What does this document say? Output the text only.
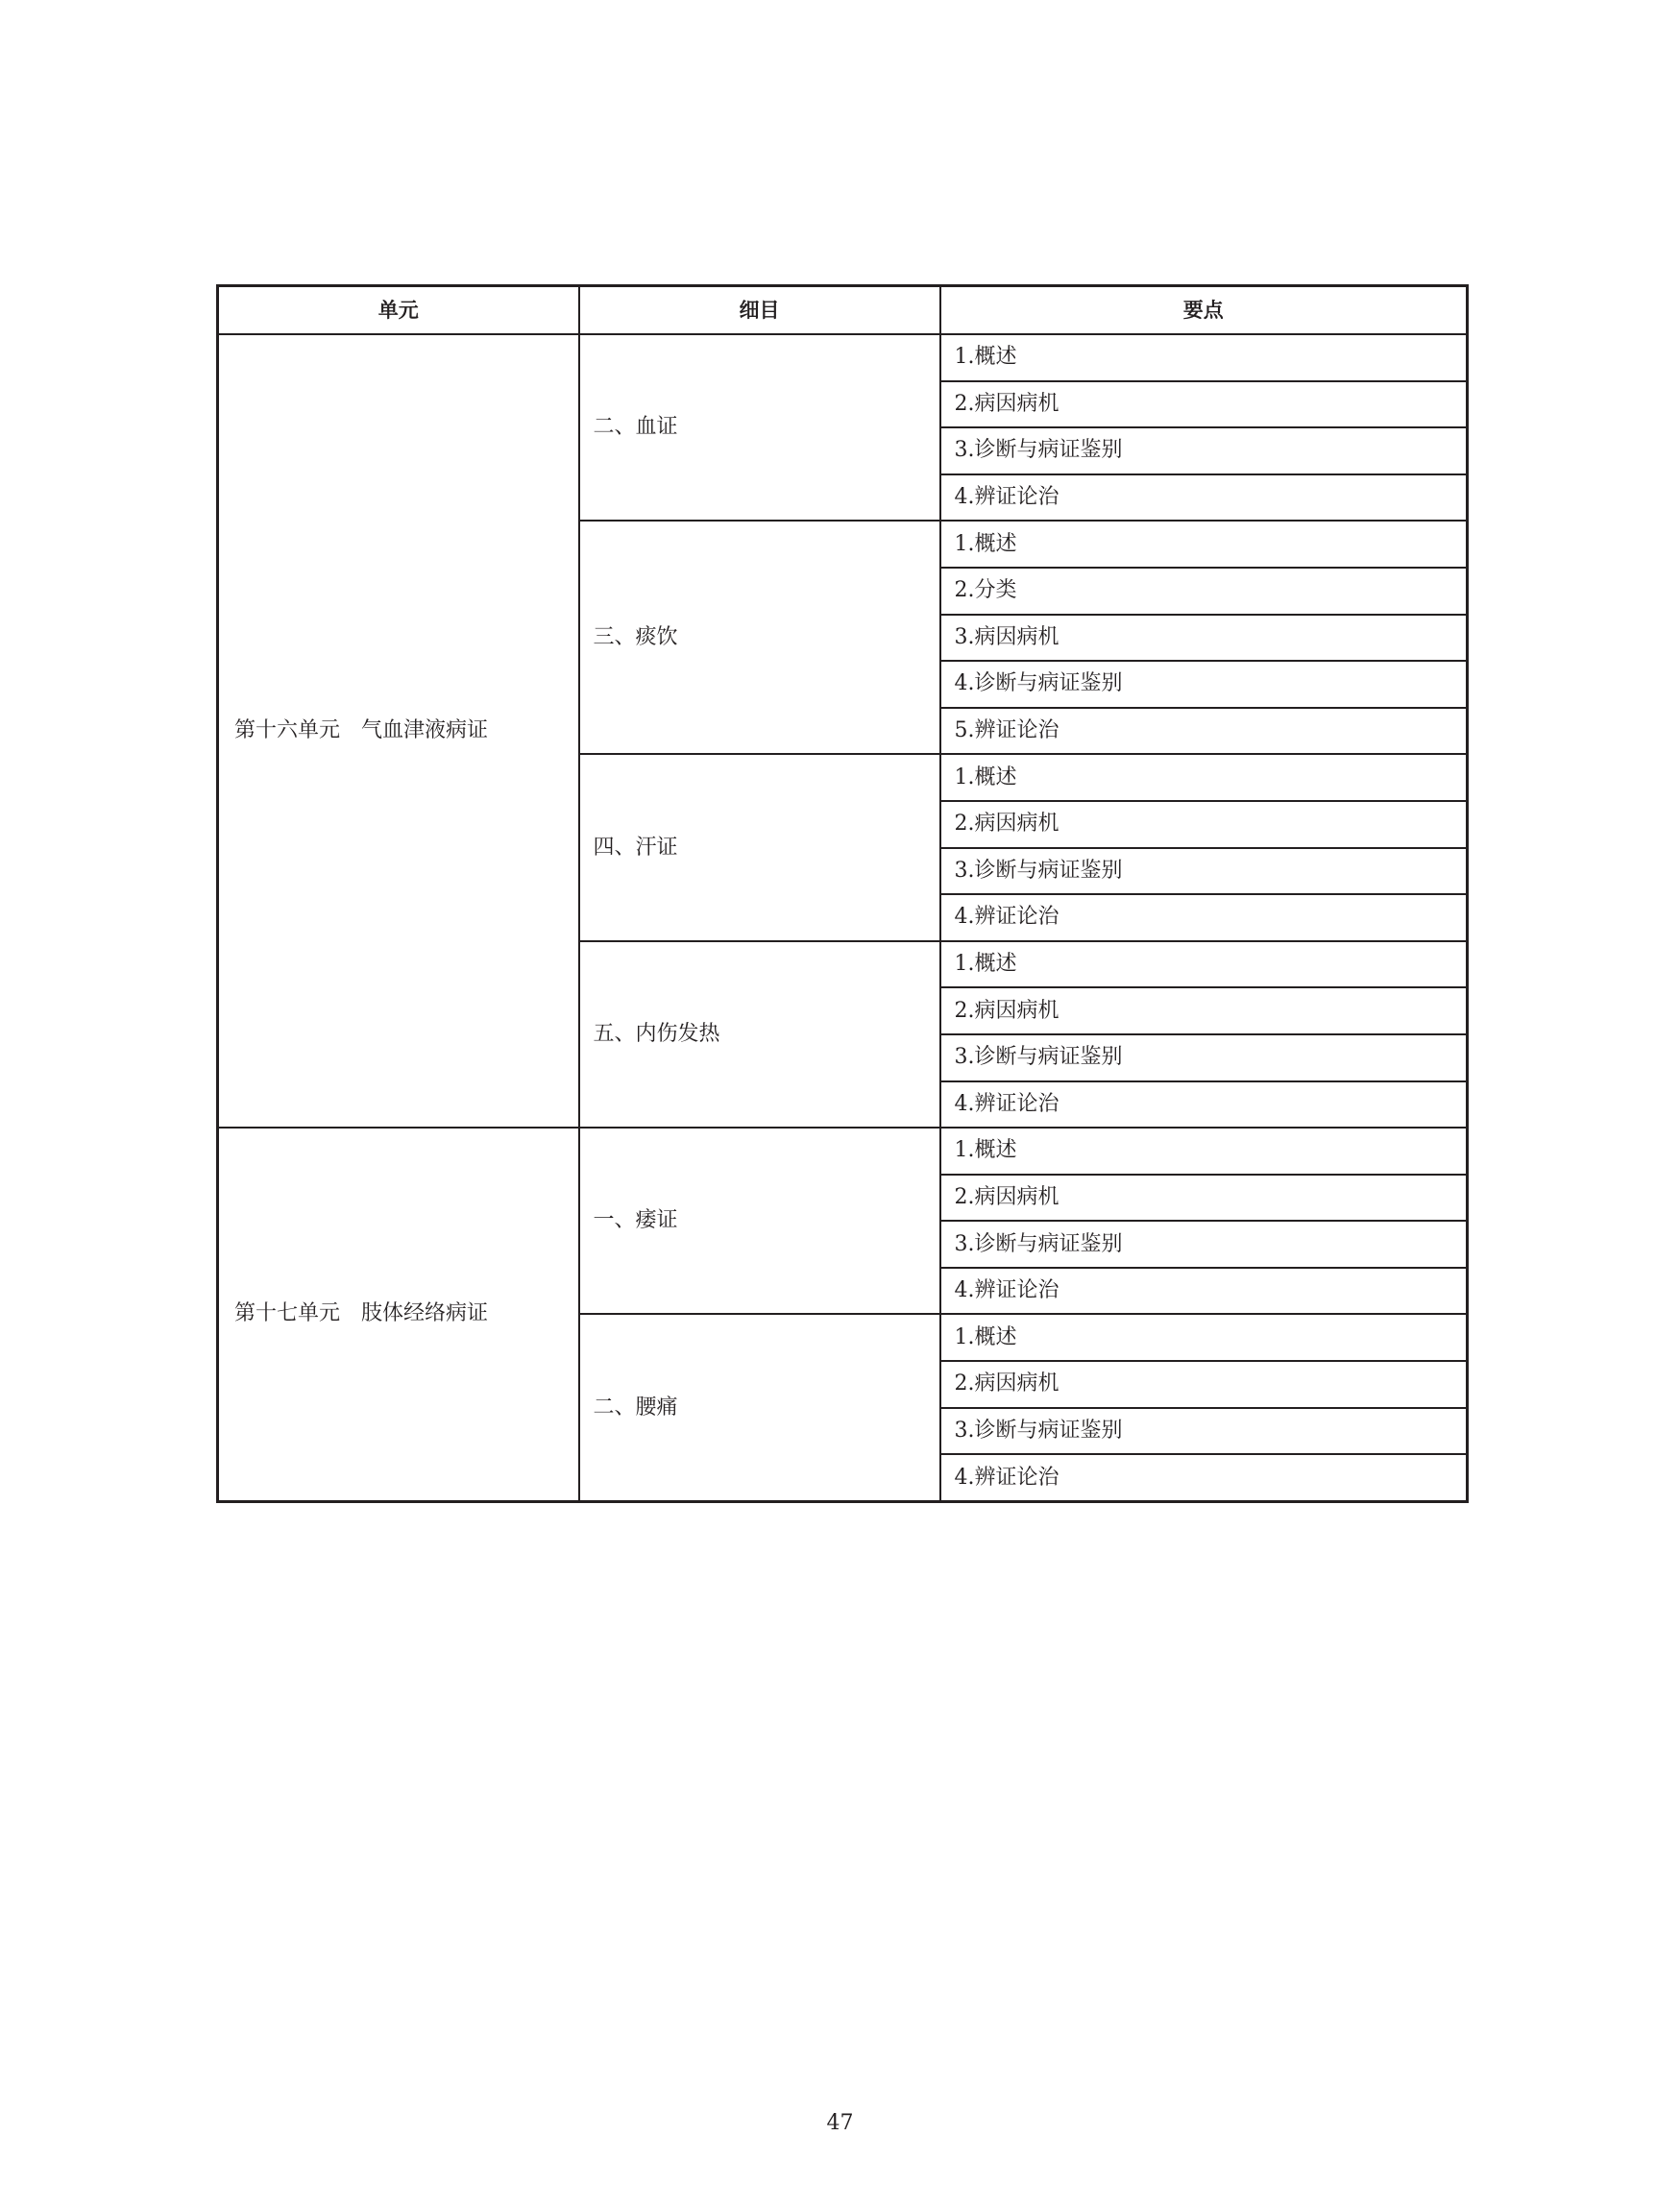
单元	细目	要点
第十六单元　气血津液病证	二、血证	1.概述
		2.病因病机
		3.诊断与病证鉴别
		4.辨证论治
	三、痰饮	1.概述
		2.分类
		3.病因病机
		4.诊断与病证鉴别
		5.辨证论治
	四、汗证	1.概述
		2.病因病机
		3.诊断与病证鉴别
		4.辨证论治
	五、内伤发热	1.概述
		2.病因病机
		3.诊断与病证鉴别
		4.辨证论治
第十七单元　肢体经络病证	一、痿证	1.概述
		2.病因病机
		3.诊断与病证鉴别
		4.辨证论治
	二、腰痛	1.概述
		2.病因病机
		3.诊断与病证鉴别
		4.辨证论治
47
